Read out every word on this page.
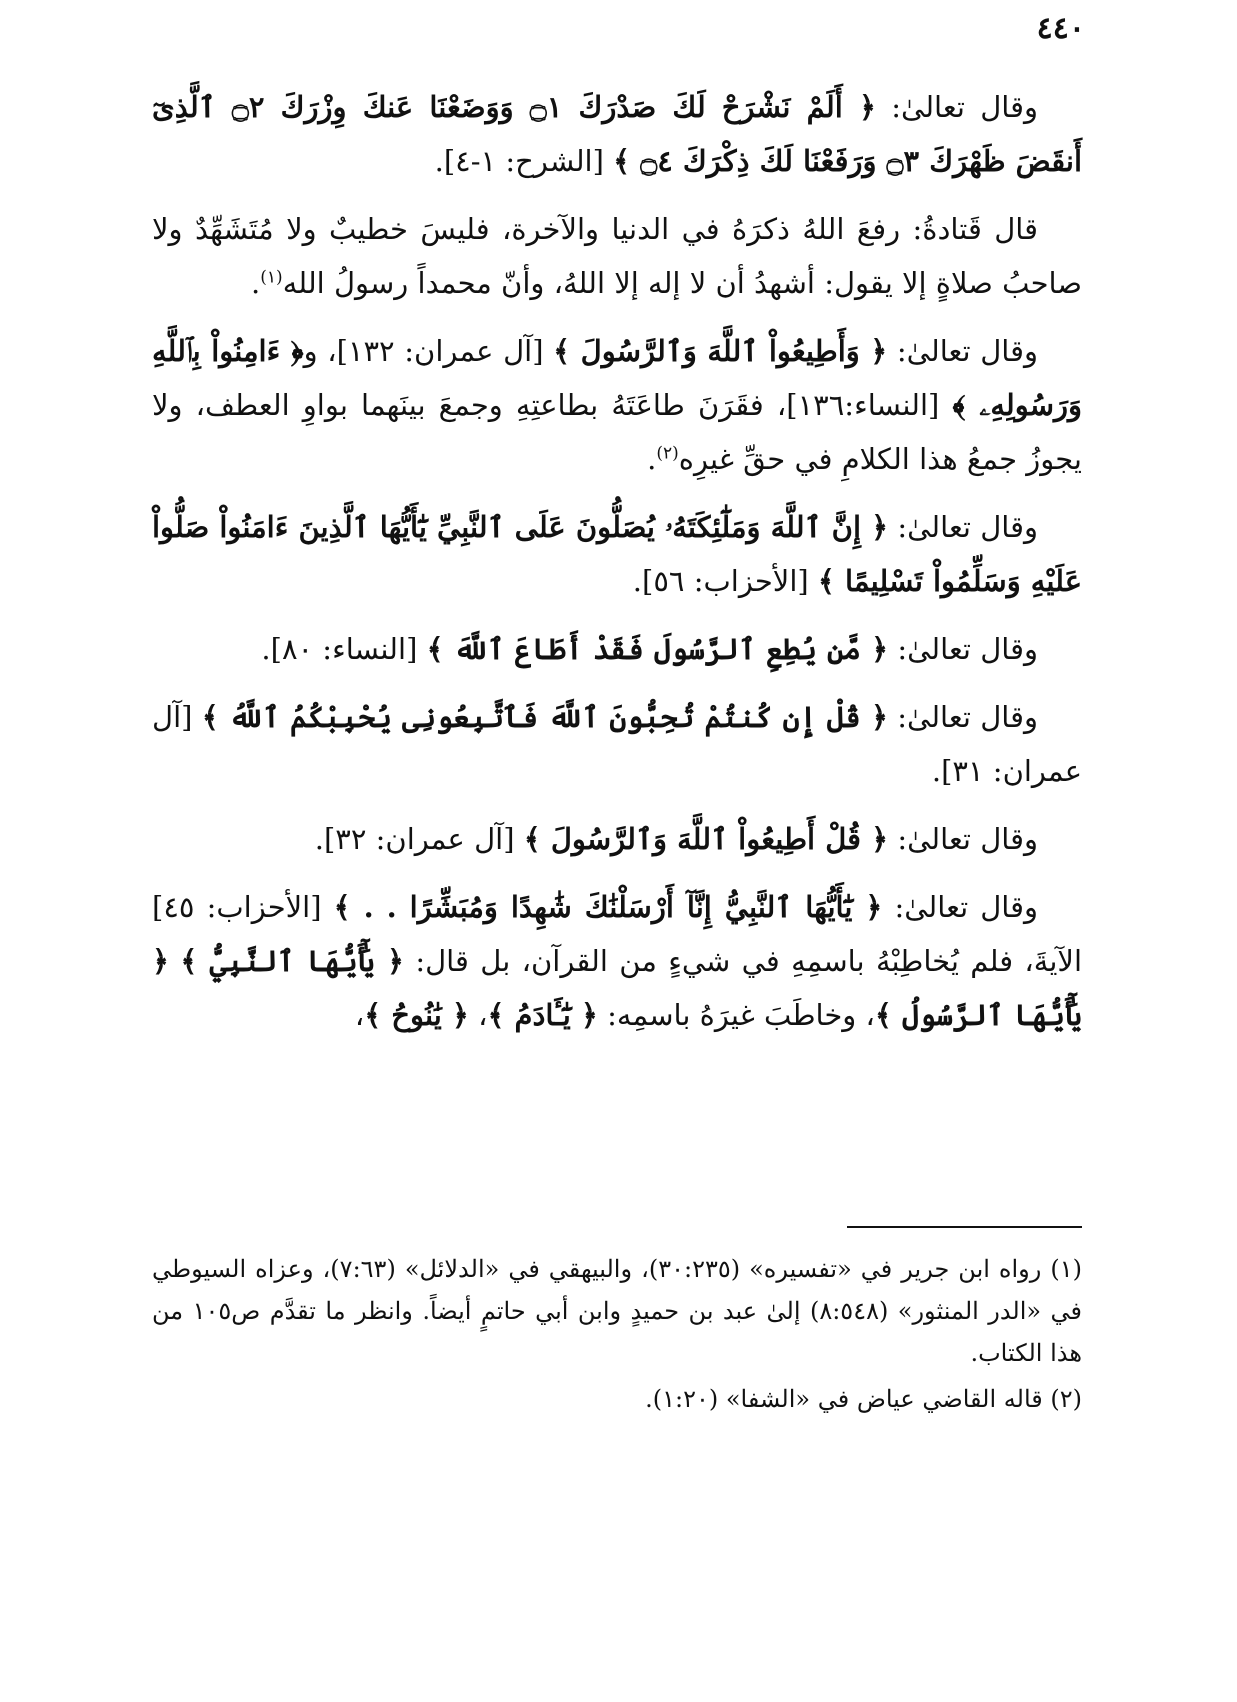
٤٤٠

وقال تعالىٰ: ﴿ أَلَمْ نَشْرَحْ لَكَ صَدْرَكَ ۝١ وَوَضَعْنَا عَنكَ وِزْرَكَ ۝٢ ٱلَّذِىٓ أَنقَضَ ظَهْرَكَ ۝٣ وَرَفَعْنَا لَكَ ذِكْرَكَ ۝٤ ﴾ [الشرح: ١-٤].

قال قَتادةُ: رفعَ اللهُ ذكرَهُ في الدنيا والآخرة، فليسَ خطيبٌ ولا مُتَشَهِّدٌ ولا صاحبُ صلاةٍ إلا يقول: أشهدُ أن لا إله إلا اللهُ، وأنّ محمداً رسولُ الله$^{(١)}$.

وقال تعالىٰ: ﴿ وَأَطِيعُواْ ٱللَّهَ وَٱلرَّسُولَ ﴾ [آل عمران: ١٣٢]، و﴿ ءَامِنُواْ بِٱللَّهِ وَرَسُولِهِۦ ﴾ [النساء:١٣٦]، فقَرَنَ طاعَتَهُ بطاعتِهِ وجمعَ بينَهما بواوِ العطف، ولا يجوزُ جمعُ هذا الكلامِ في حقِّ غيرِه$^{(٢)}$.

وقال تعالىٰ: ﴿ إِنَّ ٱللَّهَ وَمَلَٰٓئِكَتَهُۥ يُصَلُّونَ عَلَى ٱلنَّبِيِّ يَٰٓأَيُّهَا ٱلَّذِينَ ءَامَنُواْ صَلُّواْ عَلَيْهِ وَسَلِّمُواْ تَسْلِيمًا ﴾ [الأحزاب: ٥٦].

وقال تعالىٰ: ﴿ مَّن يُطِعِ ٱلرَّسُولَ فَقَدْ أَطَاعَ ٱللَّهَ ﴾ [النساء: ٨٠].

وقال تعالىٰ: ﴿ قُلْ إِن كُنتُمْ تُحِبُّونَ ٱللَّهَ فَٱتَّبِعُونِى يُحْبِبْكُمُ ٱللَّهُ ﴾ [آل عمران: ٣١].

وقال تعالىٰ: ﴿ قُلْ أَطِيعُواْ ٱللَّهَ وَٱلرَّسُولَ ﴾ [آل عمران: ٣٢].

وقال تعالىٰ: ﴿ يَٰٓأَيُّهَا ٱلنَّبِيُّ إِنَّآ أَرْسَلْنَٰكَ شَٰهِدًا وَمُبَشِّرًا . . ﴾ [الأحزاب: ٤٥] الآيةَ، فلم يُخاطِبْهُ باسمِهِ في شيءٍ من القرآن، بل قال: ﴿ يَٰٓأَيُّهَا ٱلنَّبِيُّ ﴾ ﴿ يَٰٓأَيُّهَا ٱلرَّسُولُ ﴾، وخاطَبَ غيرَهُ باسمِه: ﴿ يَٰٓـَٔادَمُ ﴾، ﴿ يَٰنُوحُ ﴾،

(١) رواه ابن جرير في «تفسيره» (٣٠:٢٣٥)، والبيهقي في «الدلائل» (٧:٦٣)، وعزاه السيوطي في «الدر المنثور» (٨:٥٤٨) إلىٰ عبد بن حميدٍ وابن أبي حاتمٍ أيضاً. وانظر ما تقدَّم ص١٠٥ من هذا الكتاب.

(٢) قاله القاضي عياض في «الشفا» (١:٢٠).
